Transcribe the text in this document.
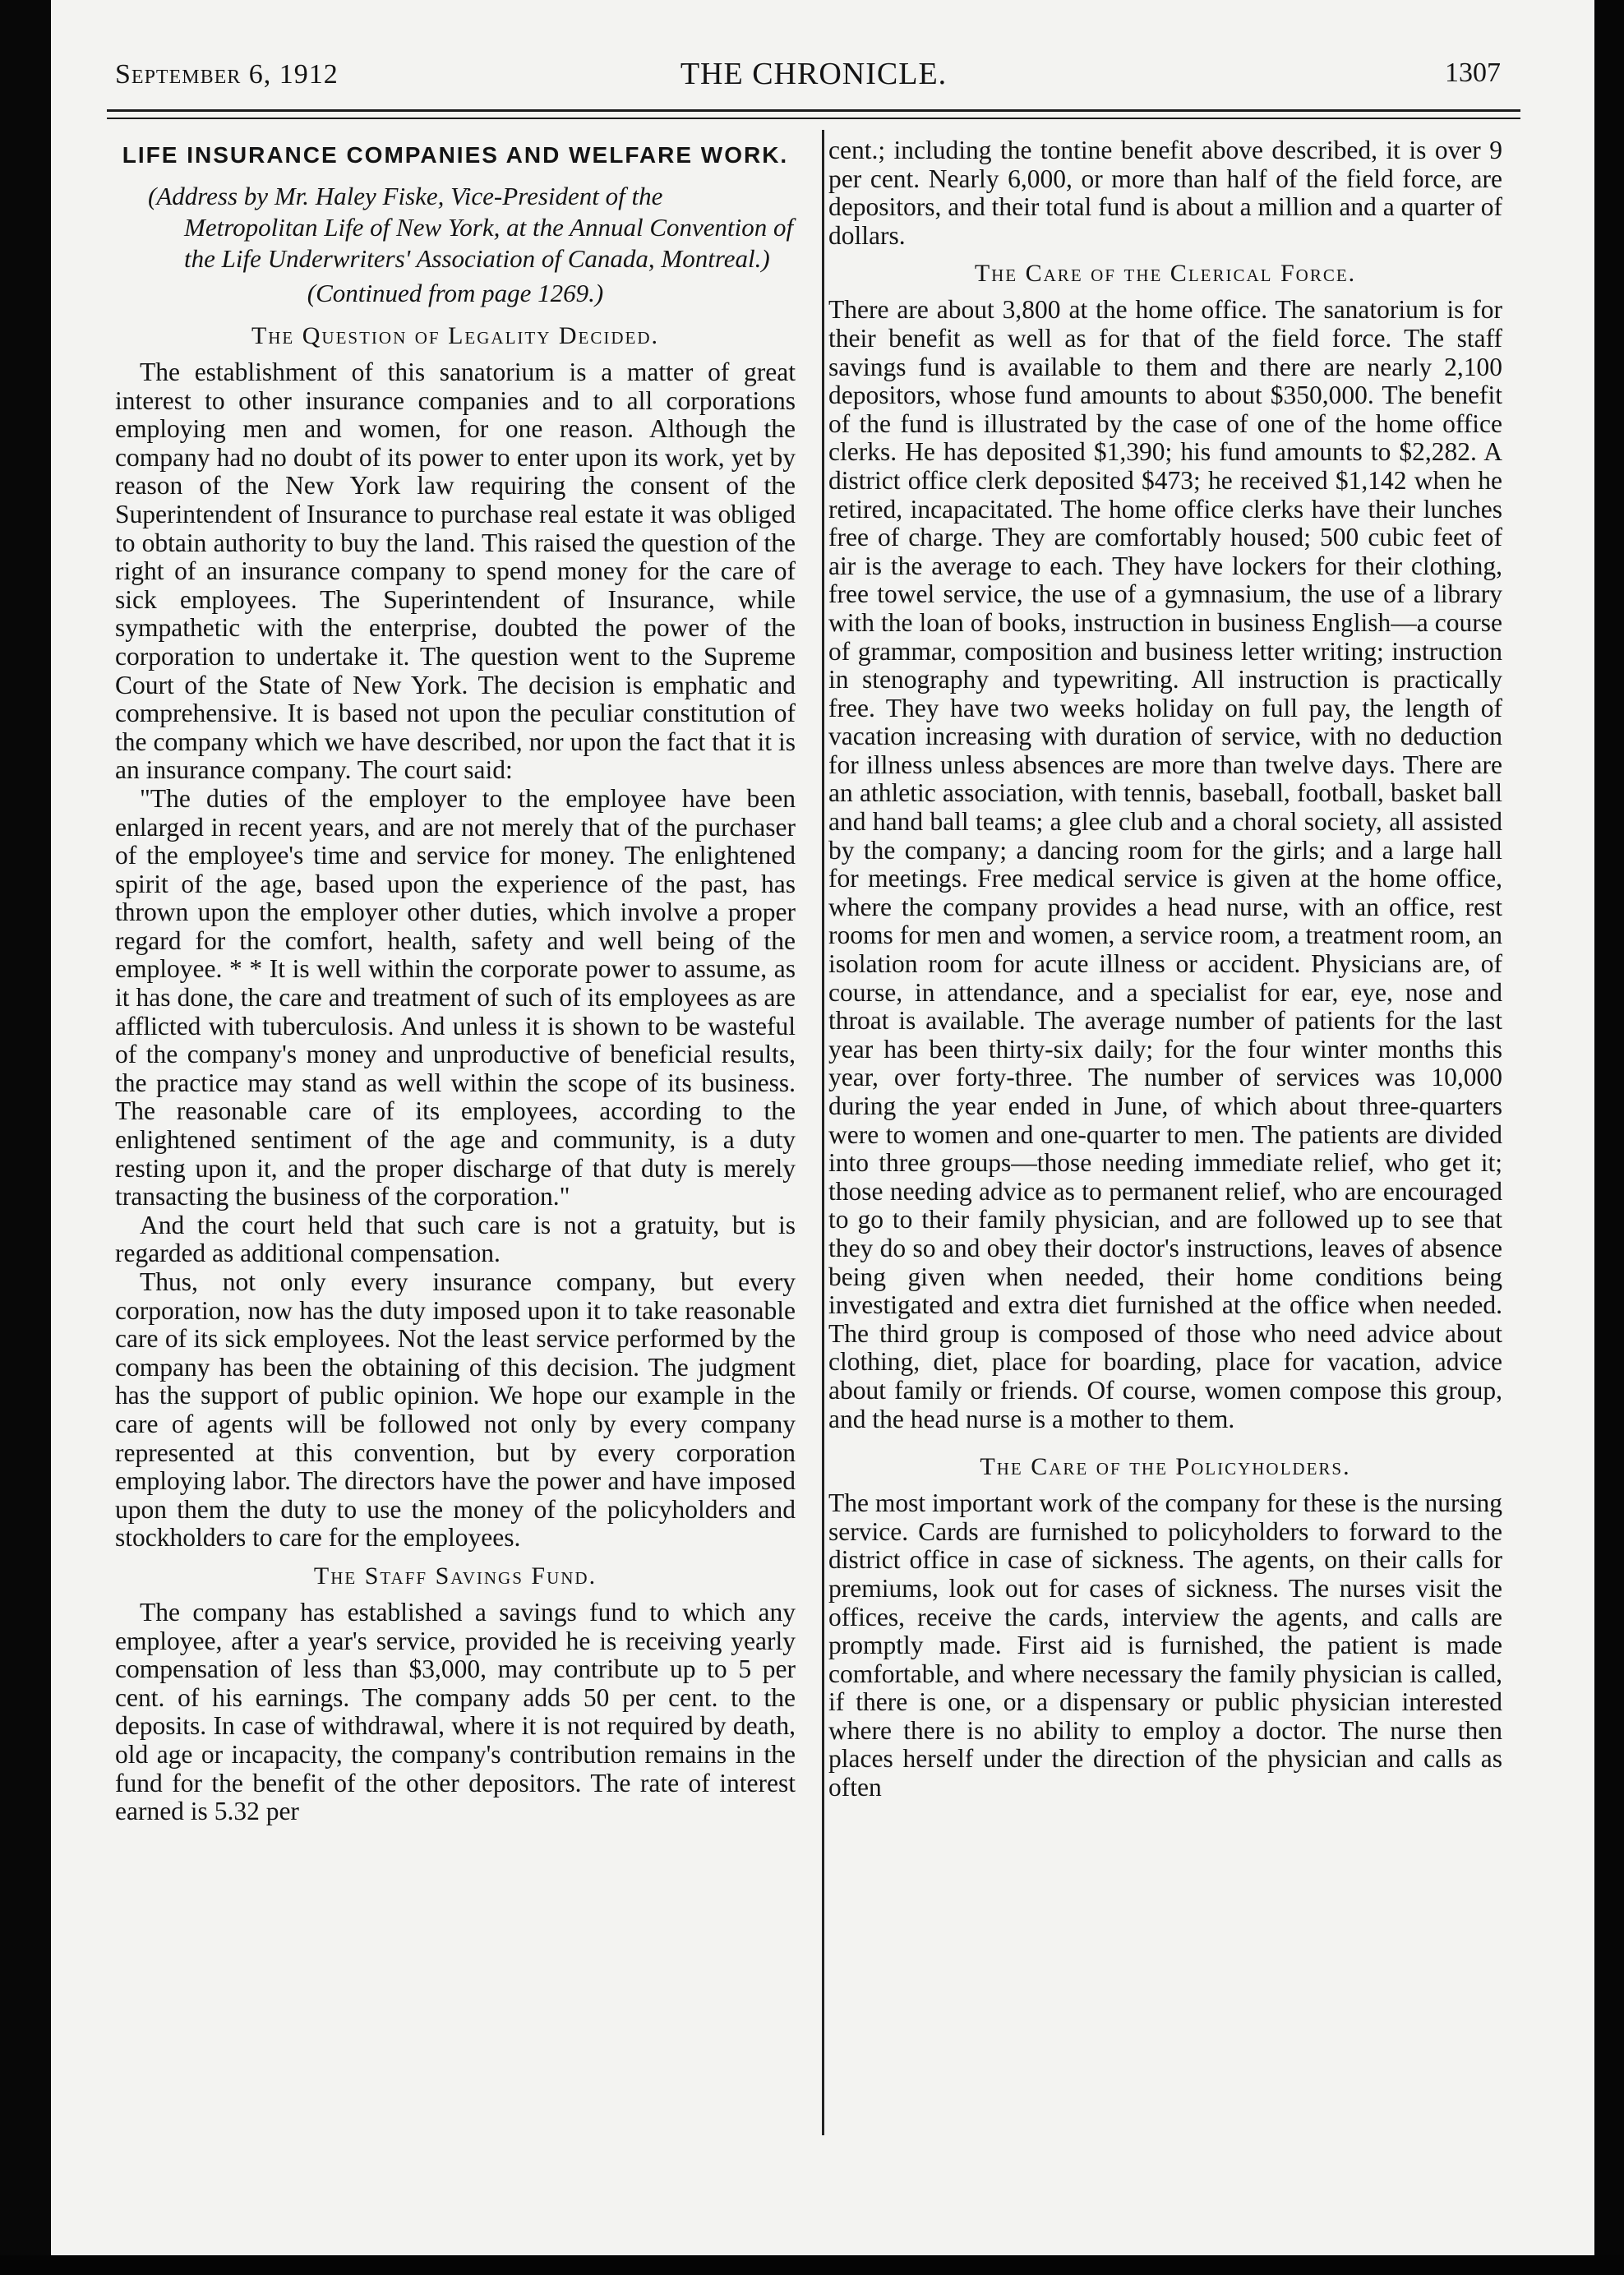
September 6, 1912	THE CHRONICLE.	1307
LIFE INSURANCE COMPANIES AND WELFARE WORK.

(Address by Mr. Haley Fiske, Vice-President of the Metropolitan Life of New York, at the Annual Convention of the Life Underwriters' Association of Canada, Montreal.)

(Continued from page 1269.)

The Question of Legality Decided.

The establishment of this sanatorium is a matter of great interest to other insurance companies and to all corporations employing men and women, for one reason. Although the company had no doubt of its power to enter upon its work, yet by reason of the New York law requiring the consent of the Superintendent of Insurance to purchase real estate it was obliged to obtain authority to buy the land. This raised the question of the right of an insurance company to spend money for the care of sick employees. The Superintendent of Insurance, while sympathetic with the enterprise, doubted the power of the corporation to undertake it. The question went to the Supreme Court of the State of New York. The decision is emphatic and comprehensive. It is based not upon the peculiar constitution of the company which we have described, nor upon the fact that it is an insurance company. The court said:

"The duties of the employer to the employee have been enlarged in recent years, and are not merely that of the purchaser of the employee's time and service for money. The enlightened spirit of the age, based upon the experience of the past, has thrown upon the employer other duties, which involve a proper regard for the comfort, health, safety and well being of the employee. * * It is well within the corporate power to assume, as it has done, the care and treatment of such of its employees as are afflicted with tuberculosis. And unless it is shown to be wasteful of the company's money and unproductive of beneficial results, the practice may stand as well within the scope of its business. The reasonable care of its employees, according to the enlightened sentiment of the age and community, is a duty resting upon it, and the proper discharge of that duty is merely transacting the business of the corporation."

And the court held that such care is not a gratuity, but is regarded as additional compensation.

Thus, not only every insurance company, but every corporation, now has the duty imposed upon it to take reasonable care of its sick employees. Not the least service performed by the company has been the obtaining of this decision. The judgment has the support of public opinion. We hope our example in the care of agents will be followed not only by every company represented at this convention, but by every corporation employing labor. The directors have the power and have imposed upon them the duty to use the money of the policyholders and stockholders to care for the employees.

The Staff Savings Fund.

The company has established a savings fund to which any employee, after a year's service, provided he is receiving yearly compensation of less than $3,000, may contribute up to 5 per cent. of his earnings. The company adds 50 per cent. to the deposits. In case of withdrawal, where it is not required by death, old age or incapacity, the company's contribution remains in the fund for the benefit of the other depositors. The rate of interest earned is 5.32 per

cent.; including the tontine benefit above described, it is over 9 per cent. Nearly 6,000, or more than half of the field force, are depositors, and their total fund is about a million and a quarter of dollars.

The Care of the Clerical Force.

There are about 3,800 at the home office. The sanatorium is for their benefit as well as for that of the field force. The staff savings fund is available to them and there are nearly 2,100 depositors, whose fund amounts to about $350,000. The benefit of the fund is illustrated by the case of one of the home office clerks. He has deposited $1,390; his fund amounts to $2,282. A district office clerk deposited $473; he received $1,142 when he retired, incapacitated. The home office clerks have their lunches free of charge. They are comfortably housed; 500 cubic feet of air is the average to each. They have lockers for their clothing, free towel service, the use of a gymnasium, the use of a library with the loan of books, instruction in business English—a course of grammar, composition and business letter writing; instruction in stenography and typewriting. All instruction is practically free. They have two weeks holiday on full pay, the length of vacation increasing with duration of service, with no deduction for illness unless absences are more than twelve days. There are an athletic association, with tennis, baseball, football, basket ball and hand ball teams; a glee club and a choral society, all assisted by the company; a dancing room for the girls; and a large hall for meetings. Free medical service is given at the home office, where the company provides a head nurse, with an office, rest rooms for men and women, a service room, a treatment room, an isolation room for acute illness or accident. Physicians are, of course, in attendance, and a specialist for ear, eye, nose and throat is available. The average number of patients for the last year has been thirty-six daily; for the four winter months this year, over forty-three. The number of services was 10,000 during the year ended in June, of which about three-quarters were to women and one-quarter to men. The patients are divided into three groups—those needing immediate relief, who get it; those needing advice as to permanent relief, who are encouraged to go to their family physician, and are followed up to see that they do so and obey their doctor's instructions, leaves of absence being given when needed, their home conditions being investigated and extra diet furnished at the office when needed. The third group is composed of those who need advice about clothing, diet, place for boarding, place for vacation, advice about family or friends. Of course, women compose this group, and the head nurse is a mother to them.

The Care of the Policyholders.

The most important work of the company for these is the nursing service. Cards are furnished to policyholders to forward to the district office in case of sickness. The agents, on their calls for premiums, look out for cases of sickness. The nurses visit the offices, receive the cards, interview the agents, and calls are promptly made. First aid is furnished, the patient is made comfortable, and where necessary the family physician is called, if there is one, or a dispensary or public physician interested where there is no ability to employ a doctor. The nurse then places herself under the direction of the physician and calls as often
